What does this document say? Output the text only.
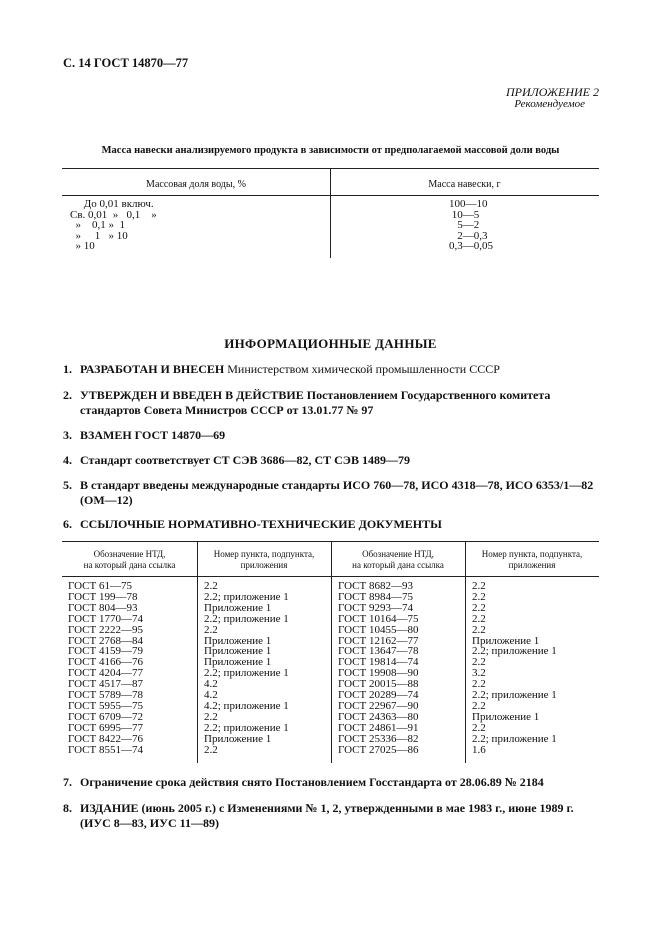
С. 14 ГОСТ 14870—77
ПРИЛОЖЕНИЕ 2
Рекомендуемое
Масса навески анализируемого продукта в зависимости от предполагаемой массовой доли воды
Массовая доля воды, %	Масса навески, г
До 0,01 включ.
Св. 0,01  »   0,1    »
»    0,1 »  1
»     1   » 10
» 10
100—10
10—5
5—2
2—0,3
0,3—0,05
ИНФОРМАЦИОННЫЕ ДАННЫЕ
1. РАЗРАБОТАН И ВНЕСЕН Министерством химической промышленности СССР
2. УТВЕРЖДЕН И ВВЕДЕН В ДЕЙСТВИЕ Постановлением Государственного комитета стандартов Совета Министров СССР от 13.01.77 № 97
3. ВЗАМЕН ГОСТ 14870—69
4. Стандарт соответствует СТ СЭВ 3686—82, СТ СЭВ 1489—79
5. В стандарт введены международные стандарты ИСО 760—78, ИСО 4318—78, ИСО 6353/1—82 (ОМ—12)
6. ССЫЛОЧНЫЕ НОРМАТИВНО-ТЕХНИЧЕСКИЕ ДОКУМЕНТЫ
Обозначение НТД,
на который дана ссылка
Номер пункта, подпункта,
приложения
Обозначение НТД,
на который дана ссылка
Номер пункта, подпункта,
приложения
ГОСТ 61—75
ГОСТ 199—78
ГОСТ 804—93
ГОСТ 1770—74
ГОСТ 2222—95
ГОСТ 2768—84
ГОСТ 4159—79
ГОСТ 4166—76
ГОСТ 4204—77
ГОСТ 4517—87
ГОСТ 5789—78
ГОСТ 5955—75
ГОСТ 6709—72
ГОСТ 6995—77
ГОСТ 8422—76
ГОСТ 8551—74
2.2
2.2; приложение 1
Приложение 1
2.2; приложение 1
2.2
Приложение 1
Приложение 1
Приложение 1
2.2; приложение 1
4.2
4.2
4.2; приложение 1
2.2
2.2; приложение 1
Приложение 1
2.2
ГОСТ 8682—93
ГОСТ 8984—75
ГОСТ 9293—74
ГОСТ 10164—75
ГОСТ 10455—80
ГОСТ 12162—77
ГОСТ 13647—78
ГОСТ 19814—74
ГОСТ 19908—90
ГОСТ 20015—88
ГОСТ 20289—74
ГОСТ 22967—90
ГОСТ 24363—80
ГОСТ 24861—91
ГОСТ 25336—82
ГОСТ 27025—86
2.2
2.2
2.2
2.2
2.2
Приложение 1
2.2; приложение 1
2.2
3.2
2.2
2.2; приложение 1
2.2
Приложение 1
2.2
2.2; приложение 1
1.6
7. Ограничение срока действия снято Постановлением Госстандарта от 28.06.89 № 2184
8. ИЗДАНИЕ (июнь 2005 г.) с Изменениями № 1, 2, утвержденными в мае 1983 г., июне 1989 г. (ИУС 8—83, ИУС 11—89)
